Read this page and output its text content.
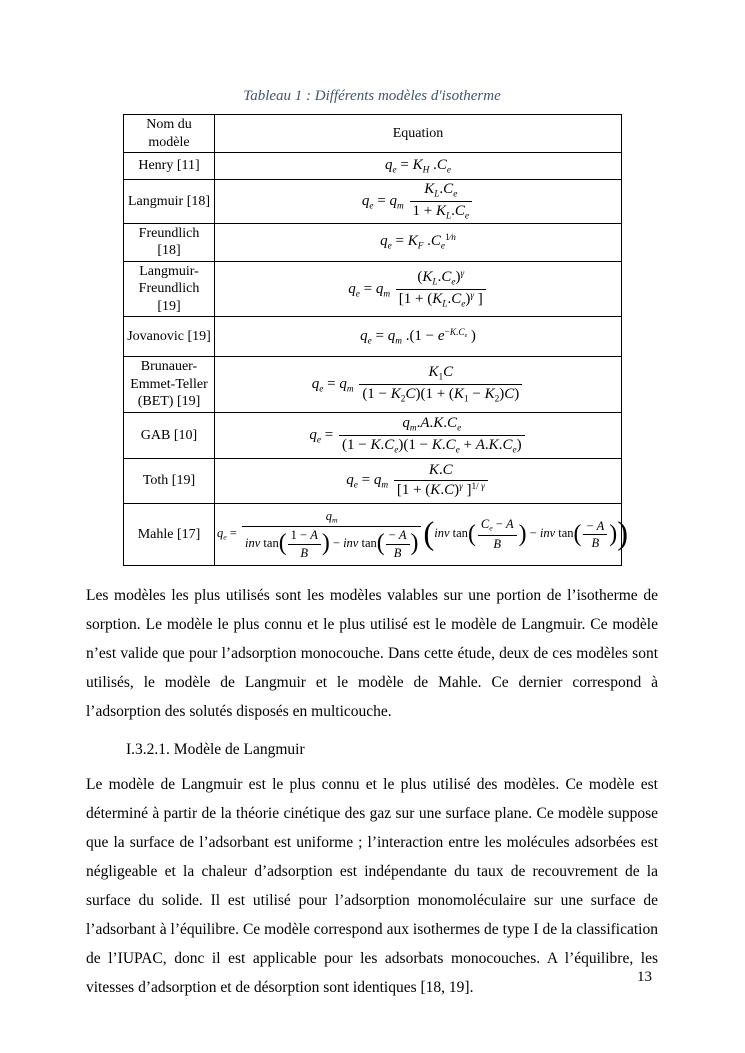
Tableau 1 : Différents modèles d'isotherme
Nom du modèle	Equation
Henry [11]	$q_e = K_H$ $.C_e$
Langmuir [18]	$q_e = q_m \frac{K_L.C_e}{1 + K_L.C_e}$

Freundlich [18]	$q_e = K_F$ $.C_e^{1⁄n}$
Langmuir-Freundlich [19]	$q_e = q_m \frac{(K_L.C_e)^\gamma}{[1 + (K_L.C_e)^\gamma ]}$

Jovanovic [19]	$q_e = q_m$ $.(1 - e^{-K.C_e}$ )
Brunauer-Emmet-Teller (BET) [19]	$q_e = q_m \frac{K_1C}{(1 - K_2C)(1 + (K_1 - K_2)C)}$

GAB [10]	$q_e = \frac{q_m.A.K.C_e}{(1 - K.C_e)(1 - K.C_e + A.K.C_e)}$

Toth [19]	$q_e = q_m \frac{K.C}{[1 + (K.C)^\gamma ]^{1/ \gamma}}$

Mahle [17]	$q_e = \frac{q_m}{inv \tan( \frac{1 - A}{B} ) - inv \tan( \frac{- A}{B} )} (inv$ $\tan( \frac{C_e - A}{B}$ ) − inv $\tan( \frac{- A}{B}$ ))

Les modèles les plus utilisés sont les modèles valables sur une portion de l’isotherme de sorption. Le modèle le plus connu et le plus utilisé est le modèle de Langmuir. Ce modèle n’est valide que pour l’adsorption monocouche. Dans cette étude, deux de ces modèles sont utilisés, le modèle de Langmuir et le modèle de Mahle. Ce dernier correspond à l’adsorption des solutés disposés en multicouche.

I.3.2.1. Modèle de Langmuir

Le modèle de Langmuir est le plus connu et le plus utilisé des modèles. Ce modèle est déterminé à partir de la théorie cinétique des gaz sur une surface plane. Ce modèle suppose que la surface de l’adsorbant est uniforme ; l’interaction entre les molécules adsorbées est négligeable et la chaleur d’adsorption est indépendante du taux de recouvrement de la surface du solide. Il est utilisé pour l’adsorption monomoléculaire sur une surface de l’adsorbant à l’équilibre. Ce modèle correspond aux isothermes de type I de la classification de l’IUPAC, donc il est applicable pour les adsorbats monocouches. A l’équilibre, les vitesses d’adsorption et de désorption sont identiques [18, 19].

13
